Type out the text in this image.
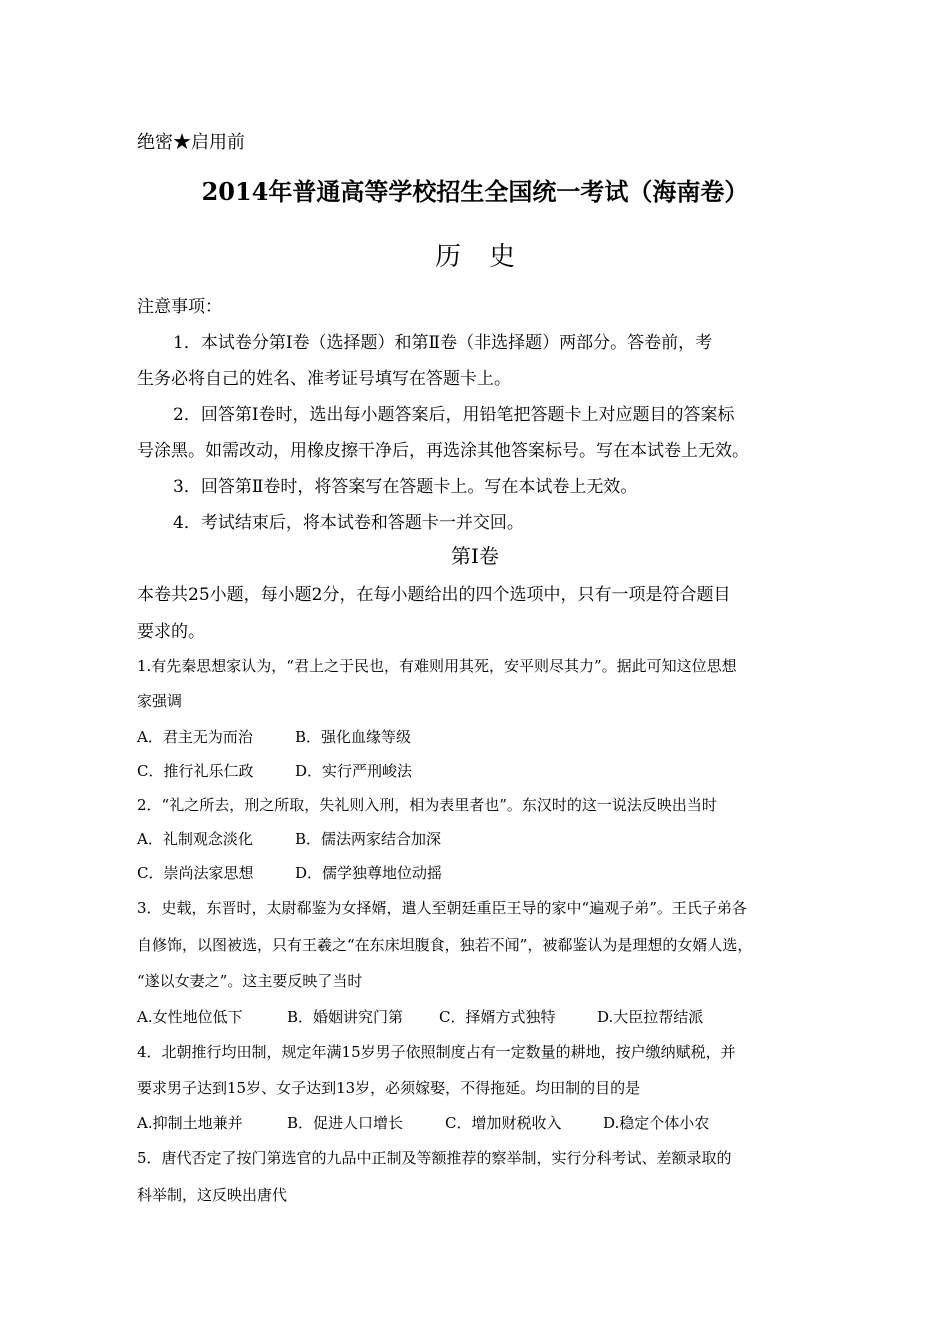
绝密★启用前
2014年普通高等学校招生全国统一考试（海南卷）
历史
注意事项：
1．本试卷分第Ⅰ卷（选择题）和第Ⅱ卷（非选择题）两部分。答卷前，考
生务必将自己的姓名、准考证号填写在答题卡上。
2．回答第Ⅰ卷时，选出每小题答案后，用铅笔把答题卡上对应题目的答案标
号涂黑。如需改动，用橡皮擦干净后，再选涂其他答案标号。写在本试卷上无效。
3．回答第Ⅱ卷时，将答案写在答题卡上。写在本试卷上无效。
4．考试结束后，将本试卷和答题卡一并交回。
第Ⅰ卷
本卷共25小题，每小题2分，在每小题给出的四个选项中，只有一项是符合题目
要求的。
1.有先秦思想家认为，“君上之于民也，有难则用其死，安平则尽其力”。据此可知这位思想
家强调
A．君主无为而治	B．强化血缘等级
C．推行礼乐仁政	D．实行严刑峻法
2．“礼之所去，刑之所取，失礼则入刑，相为表里者也”。东汉时的这一说法反映出当时
A．礼制观念淡化	B．儒法两家结合加深
C．崇尚法家思想	D．儒学独尊地位动摇
3．史载，东晋时，太尉郗鉴为女择婿，遣人至朝廷重臣王导的家中“遍观子弟”。王氏子弟各
自修饰，以图被选，只有王羲之“在东床坦腹食，独若不闻”，被郗鉴认为是理想的女婿人选，
“遂以女妻之”。这主要反映了当时
A.女性地位低下	B．婚姻讲究门第 C．择婿方式独特	D.大臣拉帮结派
4．北朝推行均田制，规定年满15岁男子依照制度占有一定数量的耕地，按户缴纳赋税，并
要求男子达到15岁、女子达到13岁，必须嫁娶，不得拖延。均田制的目的是
A.抑制土地兼并	B．促进人口增长	C．增加财税收入	D.稳定个体小农
5．唐代否定了按门第选官的九品中正制及等额推荐的察举制，实行分科考试、差额录取的
科举制，这反映出唐代
